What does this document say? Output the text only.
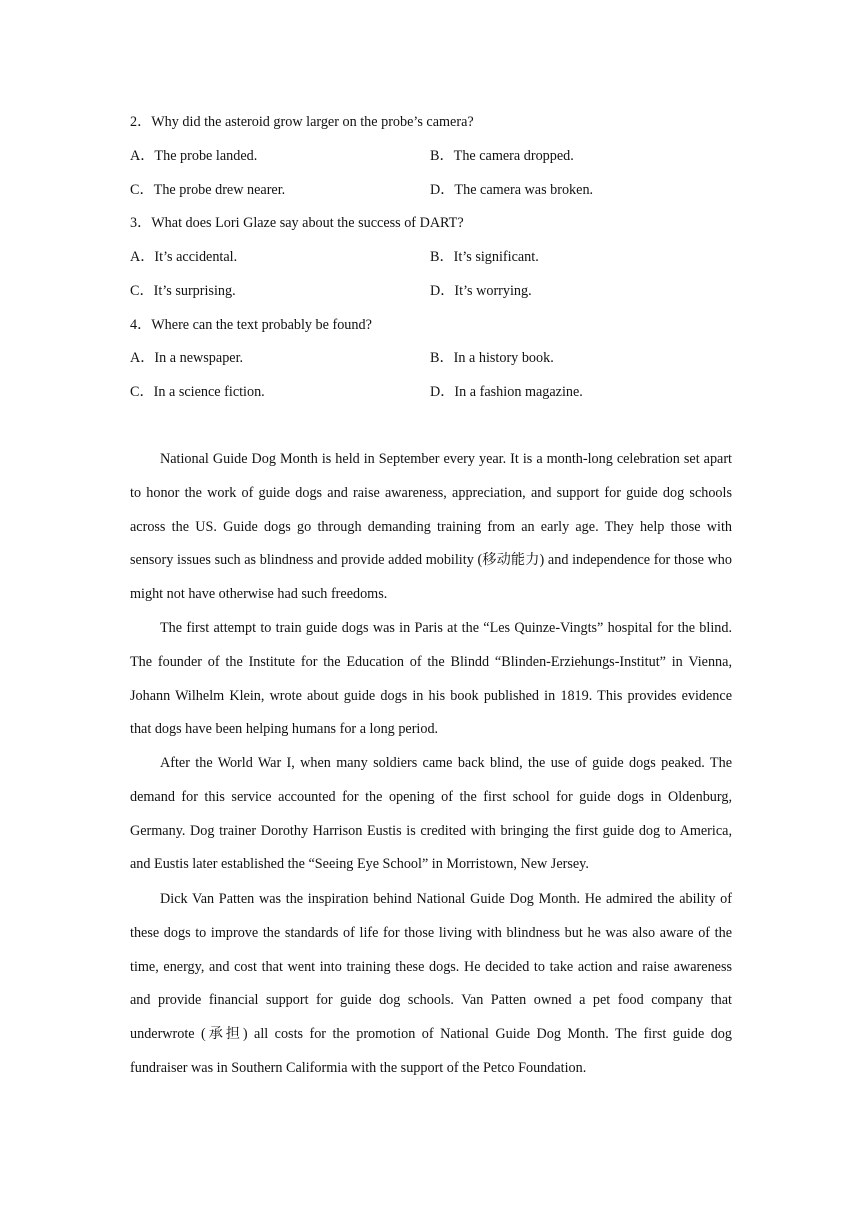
2．Why did the asteroid grow larger on the probe’s camera?
A．The probe landed.	B．The camera dropped.
C．The probe drew nearer.	D．The camera was broken.
3．What does Lori Glaze say about the success of DART?
A．It’s accidental.	B．It’s significant.
C．It’s surprising.	D．It’s worrying.
4．Where can the text probably be found?
A．In a newspaper.	B．In a history book.
C．In a science fiction.	D．In a fashion magazine.

National Guide Dog Month is held in September every year. It is a month-long celebration set apart to honor the work of guide dogs and raise awareness, appreciation, and support for guide dog schools across the US. Guide dogs go through demanding training from an early age. They help those with sensory issues such as blindness and provide added mobility (移动能力) and independence for those who might not have otherwise had such freedoms.

The first attempt to train guide dogs was in Paris at the “Les Quinze-Vingts” hospital for the blind. The founder of the Institute for the Education of the Blindd “Blinden-Erziehungs-Institut” in Vienna, Johann Wilhelm Klein, wrote about guide dogs in his book published in 1819. This provides evidence that dogs have been helping humans for a long period.

After the World War I, when many soldiers came back blind, the use of guide dogs peaked. The demand for this service accounted for the opening of the first school for guide dogs in Oldenburg, Germany. Dog trainer Dorothy Harrison Eustis is credited with bringing the first guide dog to America, and Eustis later established the “Seeing Eye School” in Morristown, New Jersey.

Dick Van Patten was the inspiration behind National Guide Dog Month. He admired the ability of these dogs to improve the standards of life for those living with blindness but he was also aware of the time, energy, and cost that went into training these dogs. He decided to take action and raise awareness and provide financial support for guide dog schools. Van Patten owned a pet food company that underwrote (承担) all costs for the promotion of National Guide Dog Month. The first guide dog fundraiser was in Southern Califormia with the support of the Petco Foundation.
